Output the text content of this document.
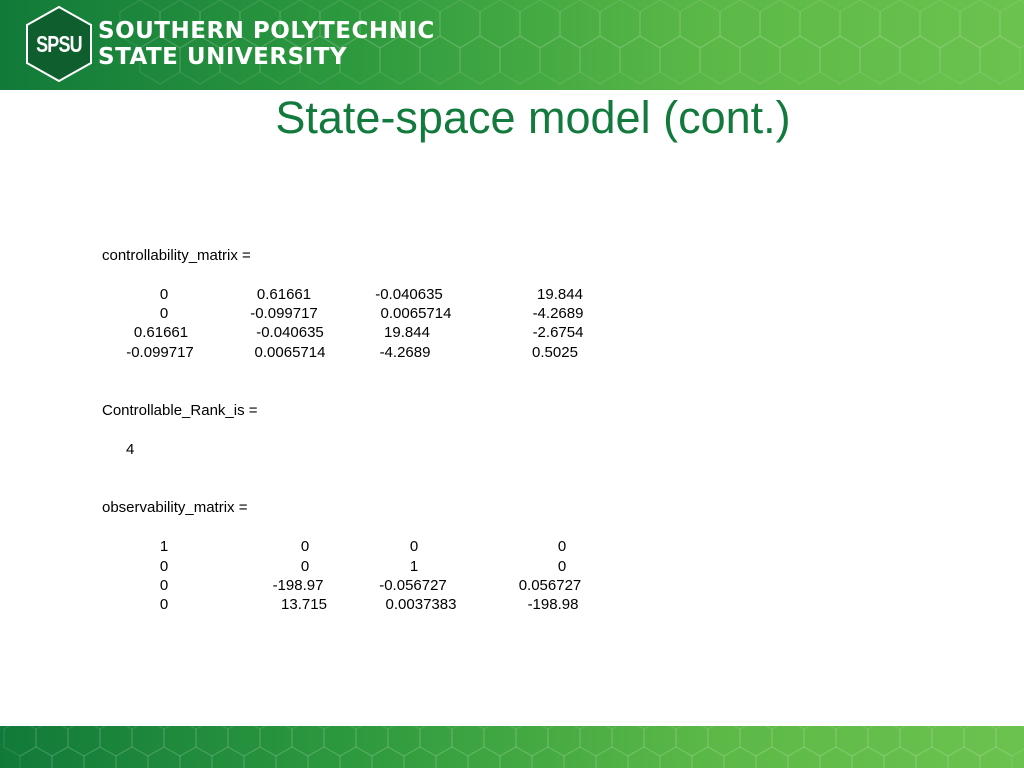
SPSU SOUTHERN POLYTECHNIC
STATE UNIVERSITY
State-space model (cont.)
controllability_matrix =
0	0.61661	-0.040635	19.844
0	-0.099717	0.0065714	-4.2689
0.61661	-0.040635	19.844	-2.6754
-0.099717	0.0065714	-4.2689	0.5025
Controllable_Rank_is =
4
observability_matrix =
1	0	0	0
0	0	1	0
0	-198.97	-0.056727	0.056727
0	13.715	0.0037383	-198.98
